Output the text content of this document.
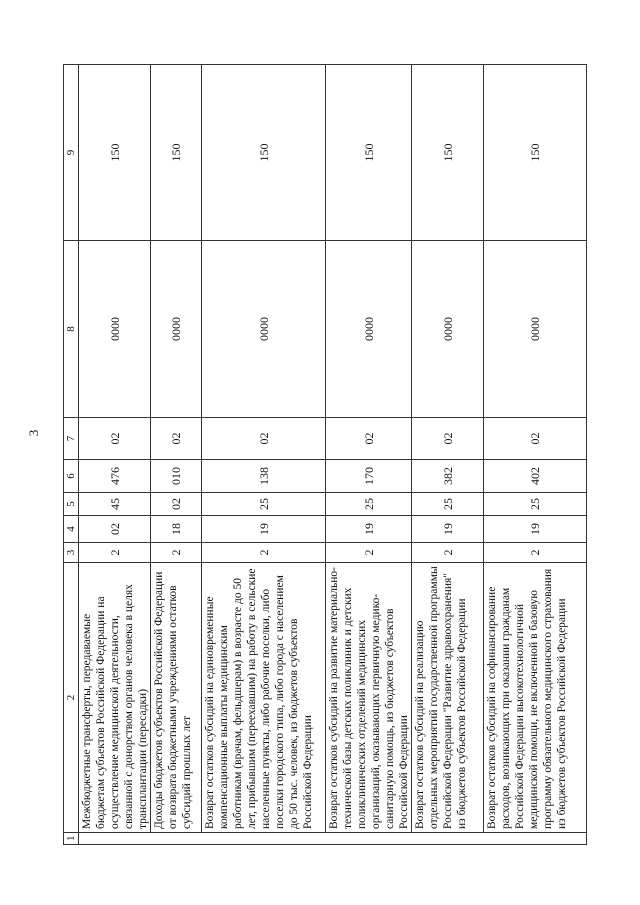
3
1	2	3	4	5	6	7	8	9
	Межбюджетные трансферты, передаваемые бюджетам субъектов Российской Федерации на осуществление медицинской деятельности, связанной с донорством органов человека в целях трансплантации (пересадки)	2	02	45	476	02	0000	150
	Доходы бюджетов субъектов Российской Федерации от возврата бюджетными учреждениями остатков субсидий прошлых лет	2	18	02	010	02	0000	150
	Возврат остатков субсидий на единовременные компенсационные выплаты медицинским работникам (врачам, фельдшерам) в возрасте до 50 лет, прибывшим (переехавшим) на работу в сельские населенные пункты, либо рабочие поселки, либо поселки городского типа, либо города с населением до 50 тыс. человек, из бюджетов субъектов Российской Федерации	2	19	25	138	02	0000	150
	Возврат остатков субсидий на развитие материально-технической базы детских поликлиник и детских поликлинических отделений медицинских организаций, оказывающих первичную медико-санитарную помощь, из бюджетов субъектов Российской Федерации	2	19	25	170	02	0000	150
	Возврат остатков субсидий на реализацию отдельных мероприятий государственной программы Российской Федерации "Развитие здравоохранения" из бюджетов субъектов Российской Федерации	2	19	25	382	02	0000	150
	Возврат остатков субсидий на софинансирование расходов, возникающих при оказании гражданам Российской Федерации высокотехнологичной медицинской помощи, не включенной в базовую программу обязательного медицинского страхования из бюджетов субъектов Российской Федерации	2	19	25	402	02	0000	150
